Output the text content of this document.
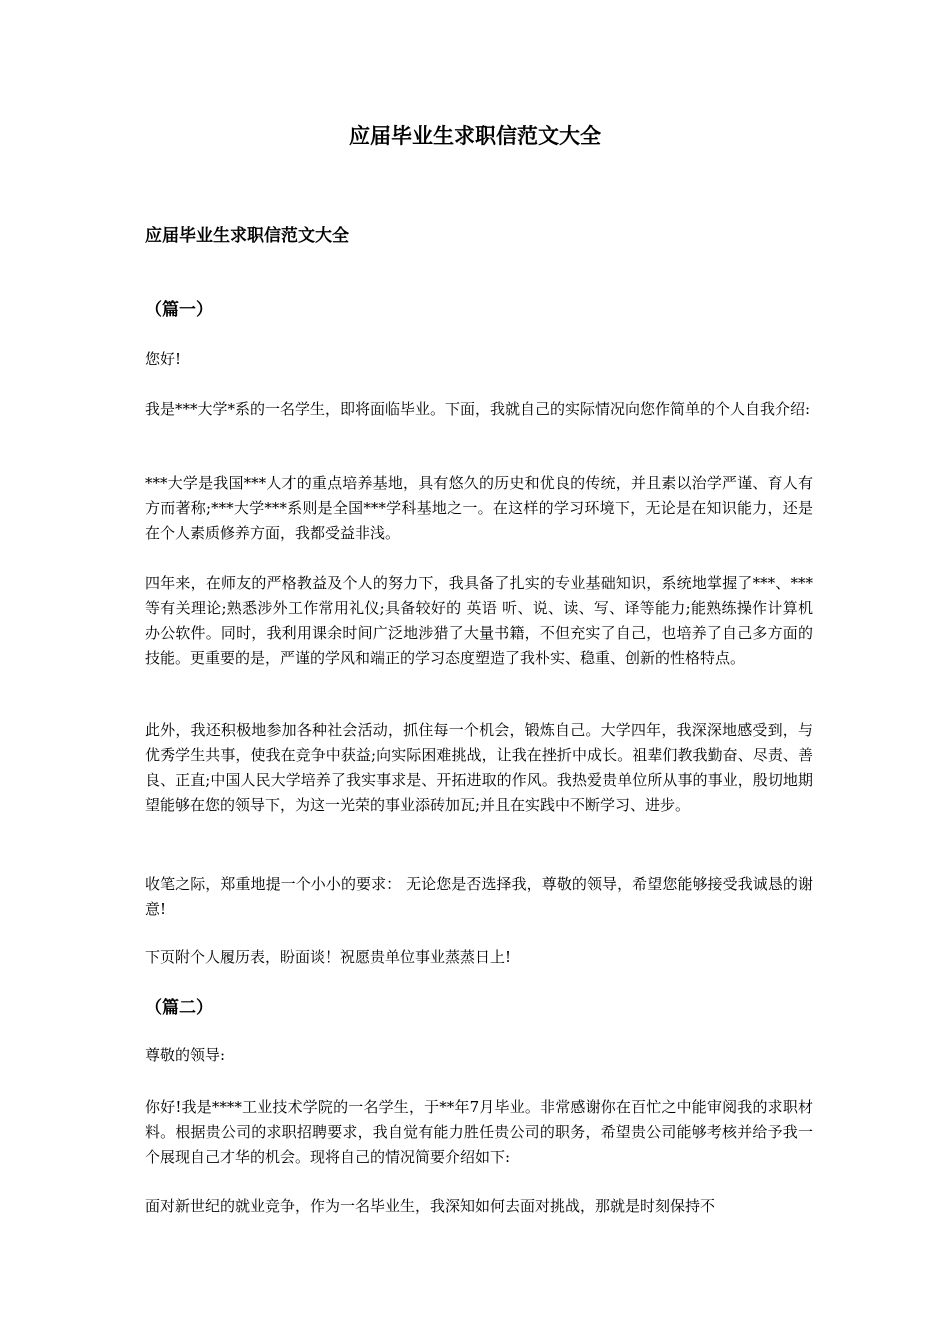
应届毕业生求职信范文大全
应届毕业生求职信范文大全
（篇一）

您好!

我是***大学*系的一名学生，即将面临毕业。下面，我就自己的实际情况向您作简单的个人自我介绍:

***大学是我国***人才的重点培养基地，具有悠久的历史和优良的传统，并且素以治学严谨、育人有方而著称;***大学***系则是全国***学科基地之一。在这样的学习环境下，无论是在知识能力，还是在个人素质修养方面，我都受益非浅。

四年来，在师友的严格教益及个人的努力下，我具备了扎实的专业基础知识，系统地掌握了***、***等有关理论;熟悉涉外工作常用礼仪;具备较好的 英语 听、说、读、写、译等能力;能熟练操作计算机办公软件。同时，我利用课余时间广泛地涉猎了大量书籍，不但充实了自己，也培养了自己多方面的技能。更重要的是，严谨的学风和端正的学习态度塑造了我朴实、稳重、创新的性格特点。

此外，我还积极地参加各种社会活动，抓住每一个机会，锻炼自己。大学四年，我深深地感受到，与优秀学生共事，使我在竞争中获益;向实际困难挑战，让我在挫折中成长。祖辈们教我勤奋、尽责、善良、正直;中国人民大学培养了我实事求是、开拓进取的作风。我热爱贵单位所从事的事业，殷切地期望能够在您的领导下，为这一光荣的事业添砖加瓦;并且在实践中不断学习、进步。

收笔之际，郑重地提一个小小的要求： 无论您是否选择我，尊敬的领导，希望您能够接受我诚恳的谢意!

下页附个人履历表，盼面谈！祝愿贵单位事业蒸蒸日上!

（篇二）

尊敬的领导:

你好!我是****工业技术学院的一名学生，于**年7月毕业。非常感谢你在百忙之中能审阅我的求职材料。根据贵公司的求职招聘要求，我自觉有能力胜任贵公司的职务，希望贵公司能够考核并给予我一个展现自己才华的机会。现将自己的情况简要介绍如下:

面对新世纪的就业竞争，作为一名毕业生，我深知如何去面对挑战，那就是时刻保持不
